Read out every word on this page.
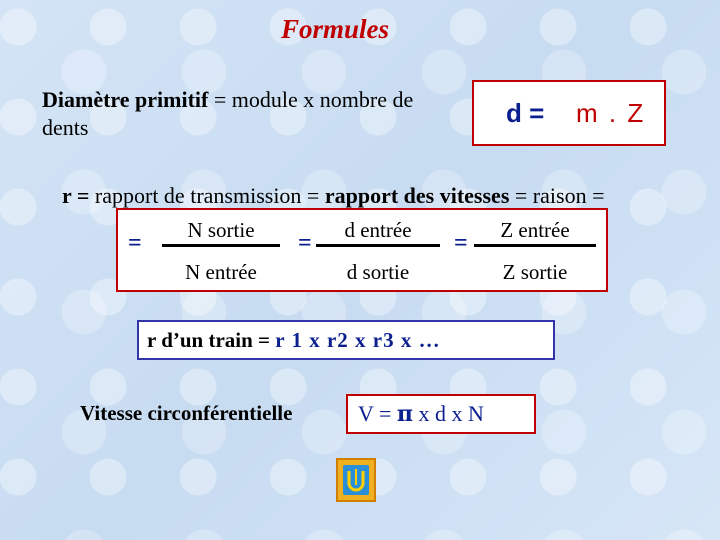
Formules
Diamètre primitif = module x nombre de dents	d = m . Z
r = rapport de transmission = rapport des vitesses = raison =
=	N sortie
N entrée
=	d entrée
d sortie
=	Z entrée
Z sortie
r d’un train = r 1 x r2 x r3 x …
Vitesse circonférentielle	V = π x d x N
